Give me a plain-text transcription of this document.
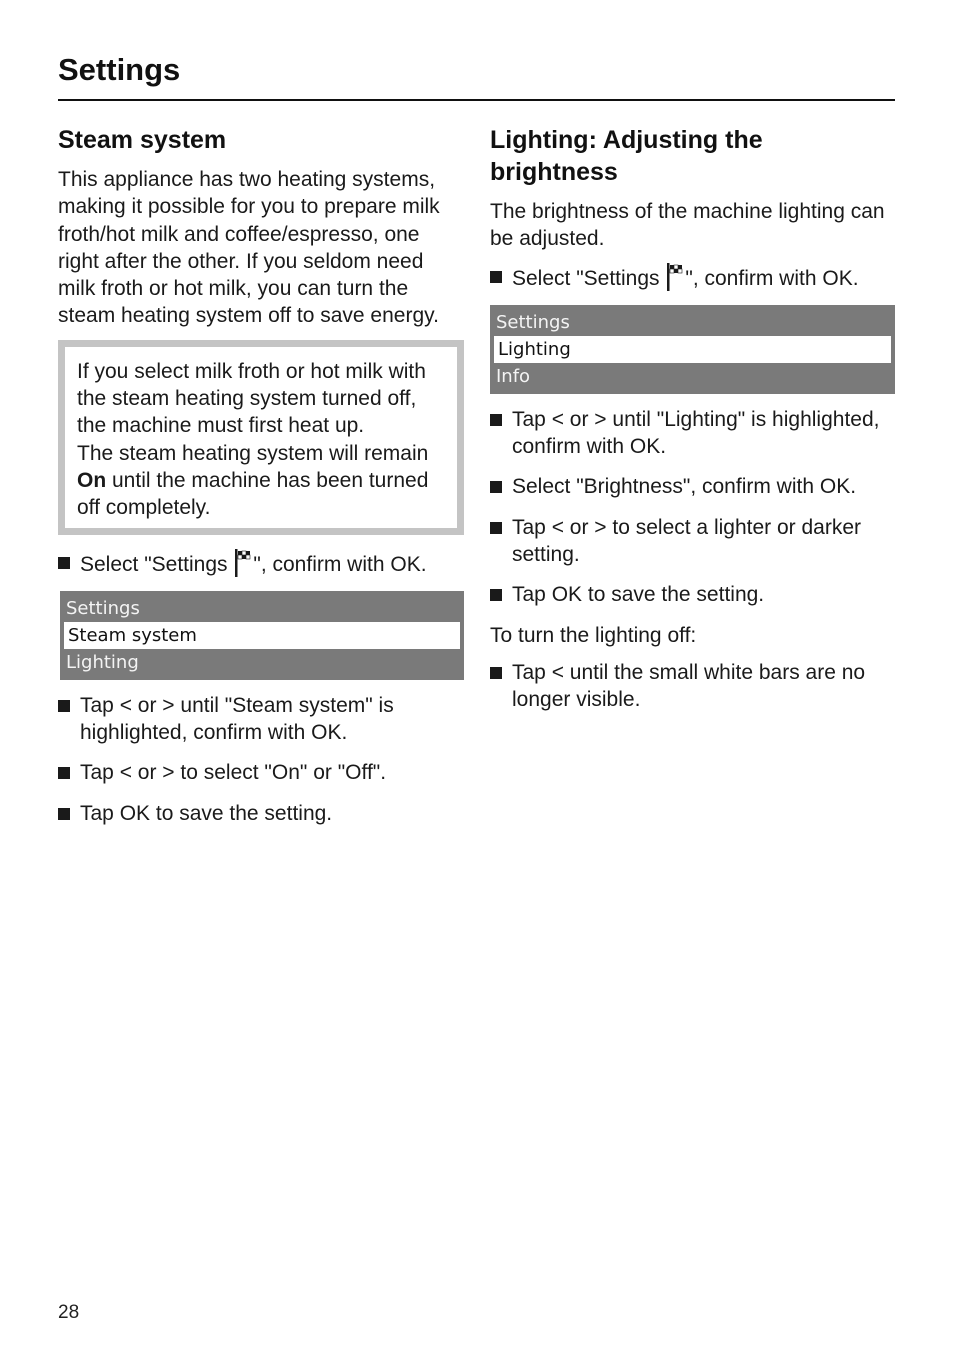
Settings
Steam system

This appliance has two heating systems, making it possible for you to prepare milk froth/hot milk and coffee/espresso, one right after the other. If you seldom need milk froth or hot milk, you can turn the steam heating system off to save energy.

If you select milk froth or hot milk with the steam heating system turned off, the machine must first heat up.

The steam heating system will remain On until the machine has been turned off completely.

Select "Settings ", confirm with OK.

Settings
Steam system
Lighting

Tap < or > until "Steam system" is highlighted, confirm with OK.

Tap < or > to select "On" or "Off".

Tap OK to save the setting.

Lighting: Adjusting the brightness

The brightness of the machine lighting can be adjusted.

Select "Settings ", confirm with OK.

Settings
Lighting
Info

Tap < or > until "Lighting" is highlighted, confirm with OK.

Select "Brightness", confirm with OK.

Tap < or > to select a lighter or darker setting.

Tap OK to save the setting.

To turn the lighting off:

Tap < until the small white bars are no longer visible.

28
